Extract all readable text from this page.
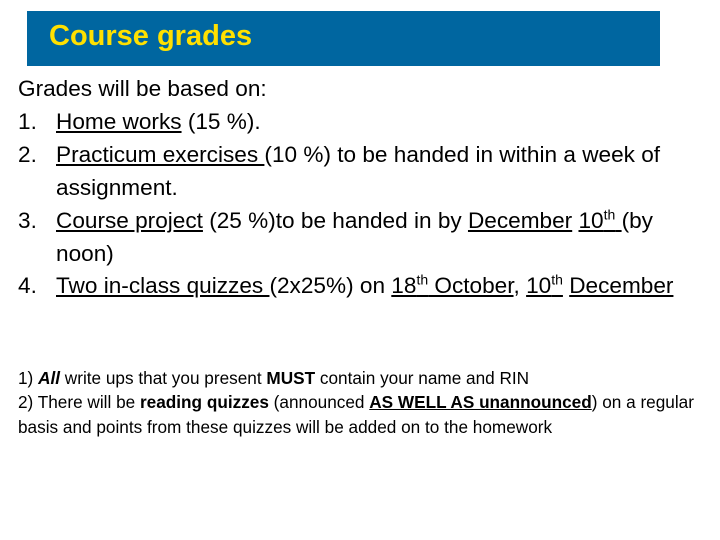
Course grades
Grades will be based on:
1. Home works (15 %).
2. Practicum exercises (10 %) to be handed in within a week of assignment.
3. Course project (25 %)to be handed in by December 10th (by noon)
4. Two in-class quizzes (2x25%) on 18th October, 10th December
1) All write ups that you present MUST contain your name and RIN
2) There will be reading quizzes (announced AS WELL AS unannounced) on a regular basis and points from these quizzes will be added on to the homework
